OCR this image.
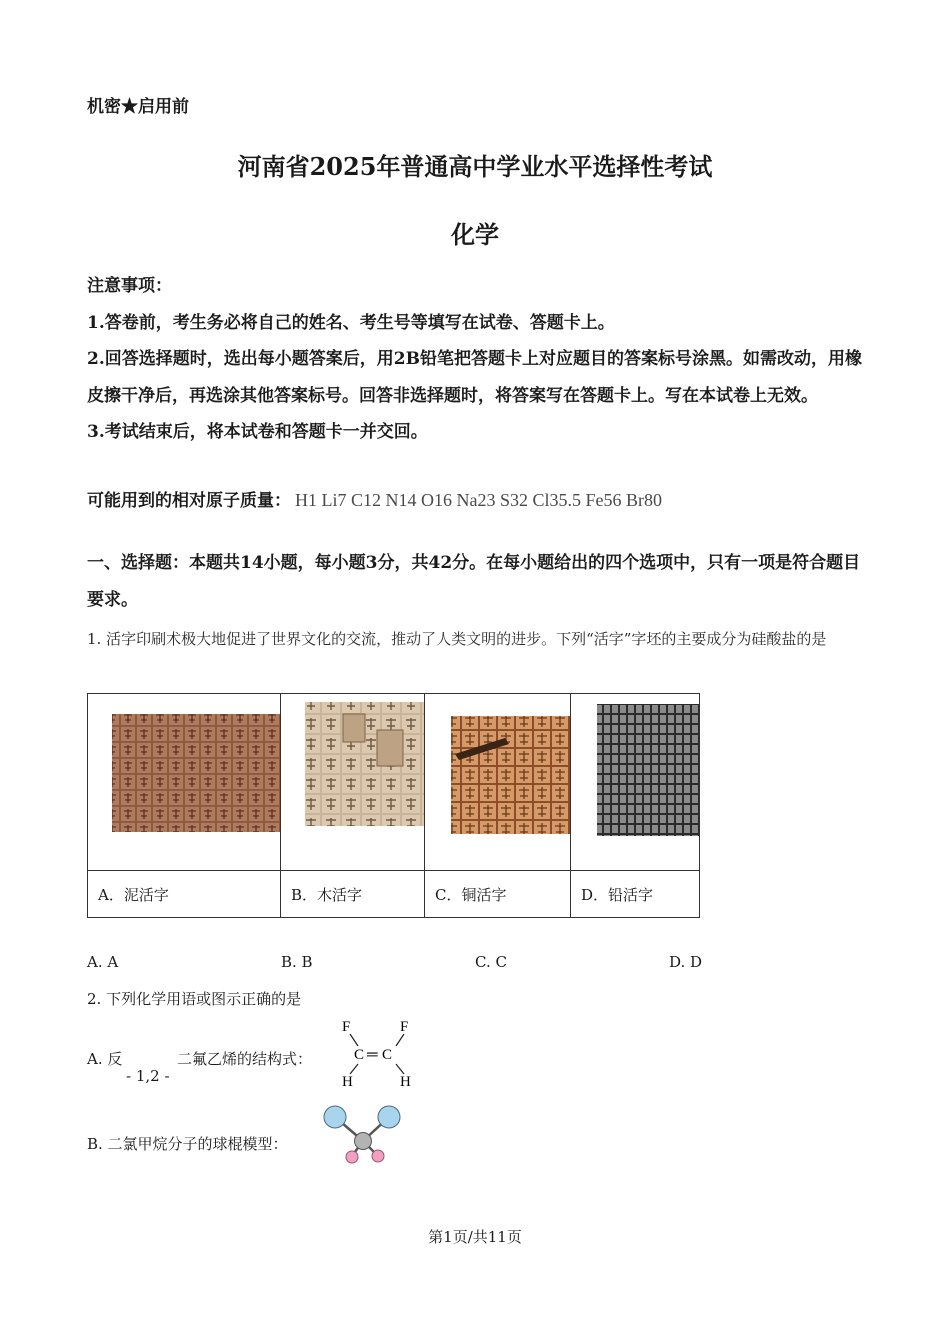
机密★启用前
河南省2025年普通高中学业水平选择性考试
化学

注意事项：

1.答卷前，考生务必将自己的姓名、考生号等填写在试卷、答题卡上。

2.回答选择题时，选出每小题答案后，用2B铅笔把答题卡上对应题目的答案标号涂黑。如需改动，用橡皮擦干净后，再选涂其他答案标号。回答非选择题时，将答案写在答题卡上。写在本试卷上无效。

3.考试结束后，将本试卷和答题卡一并交回。

可能用到的相对原子质量： H1 Li7 C12 N14 O16 Na23 S32 Cl35.5 Fe56 Br80
一、选择题：本题共14小题，每小题3分，共42分。在每小题给出的四个选项中，只有一项是符合题目要求。
1. 活字印刷术极大地促进了世界文化的交流，推动了人类文明的进步。下列“活字”字坯的主要成分为硅酸盐的是

A．泥活字	B．木活字	C．铜活字	D．铅活字
A. A	B. B	C. C	D. D
2. 下列化学用语或图示正确的是
A. 反
- 1,2 -
二氟乙烯的结构式：
F	F
C ═ C
H	H
B. 二氯甲烷分子的球棍模型：
第1页/共11页
